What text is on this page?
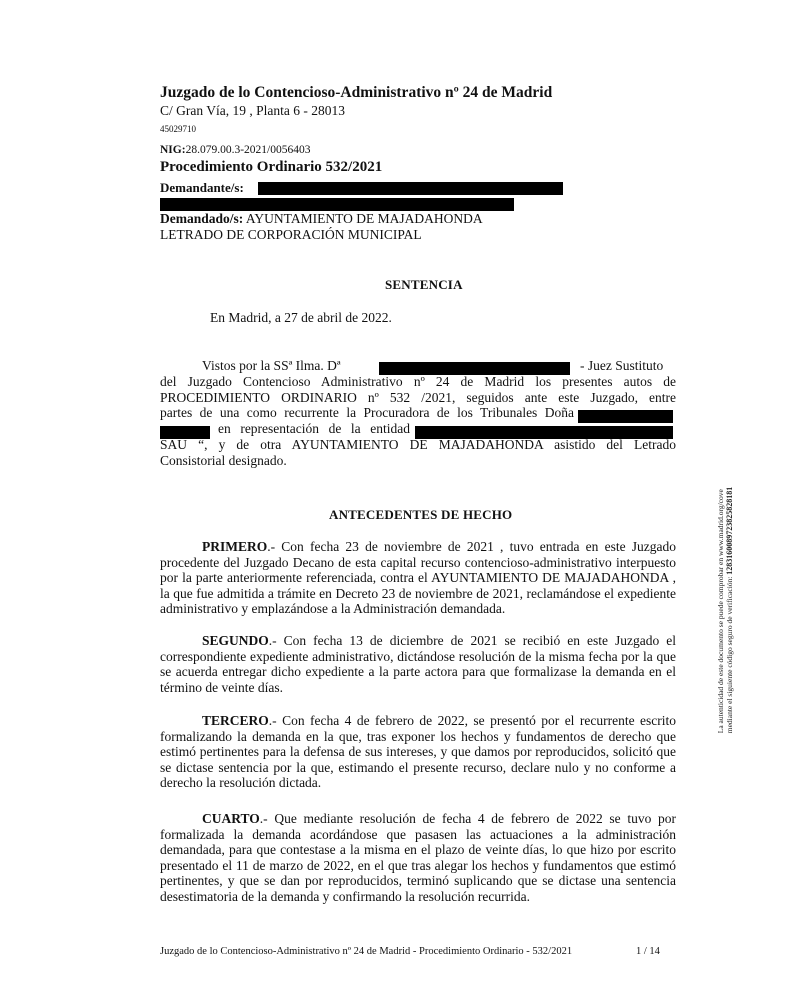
Juzgado de lo Contencioso-Administrativo nº 24 de Madrid
C/ Gran Vía, 19 , Planta 6 - 28013
45029710
NIG:28.079.00.3-2021/0056403
Procedimiento Ordinario 532/2021
Demandante/s:
Demandado/s: AYUNTAMIENTO DE MAJADAHONDA
LETRADO DE CORPORACIÓN MUNICIPAL
SENTENCIA
En Madrid, a 27 de abril de 2022.
Vistos por la SSª Ilma. Dª	- Juez Sustituto
del Juzgado Contencioso Administrativo nº 24 de Madrid los presentes autos de
PROCEDIMIENTO ORDINARIO nº 532 /2021, seguidos ante este Juzgado, entre
partes de una como recurrente la Procuradora de los Tribunales Doña
en representación de la entidad
SAU “, y de otra AYUNTAMIENTO DE MAJADAHONDA asistido del Letrado
Consistorial designado.
ANTECEDENTES DE HECHO

PRIMERO.- Con fecha 23 de noviembre de 2021 , tuvo entrada en este Juzgado procedente del Juzgado Decano de esta capital recurso contencioso-administrativo interpuesto por la parte anteriormente referenciada, contra el AYUNTAMIENTO DE MAJADAHONDA , la que fue admitida a trámite en Decreto 23 de noviembre de 2021, reclamándose el expediente administrativo y emplazándose a la Administración demandada.

SEGUNDO.- Con fecha 13 de diciembre de 2021 se recibió en este Juzgado el correspondiente expediente administrativo, dictándose resolución de la misma fecha por la que se acuerda entregar dicho expediente a la parte actora para que formalizase la demanda en el término de veinte días.

TERCERO.- Con fecha 4 de febrero de 2022, se presentó por el recurrente escrito formalizando la demanda en la que, tras exponer los hechos y fundamentos de derecho que estimó pertinentes para la defensa de sus intereses, y que damos por reproducidos, solicitó que se dictase sentencia por la que, estimando el presente recurso, declare nulo y no conforme a derecho la resolución dictada.

CUARTO.- Que mediante resolución de fecha 4 de febrero de 2022 se tuvo por formalizada la demanda acordándose que pasasen las actuaciones a la administración demandada, para que contestase a la misma en el plazo de veinte días, lo que hizo por escrito presentado el 11 de marzo de 2022, en el que tras alegar los hechos y fundamentos que estimó pertinentes, y que se dan por reproducidos, terminó suplicando que se dictase una sentencia desestimatoria de la demanda y confirmando la resolución recurrida.

La autenticidad de este documento se puede comprobar en www.madrid.org/cove
mediante el siguiente código seguro de verificación: 1283160089723825828181
Juzgado de lo Contencioso-Administrativo nº 24 de Madrid - Procedimiento Ordinario - 532/2021	1 / 14
